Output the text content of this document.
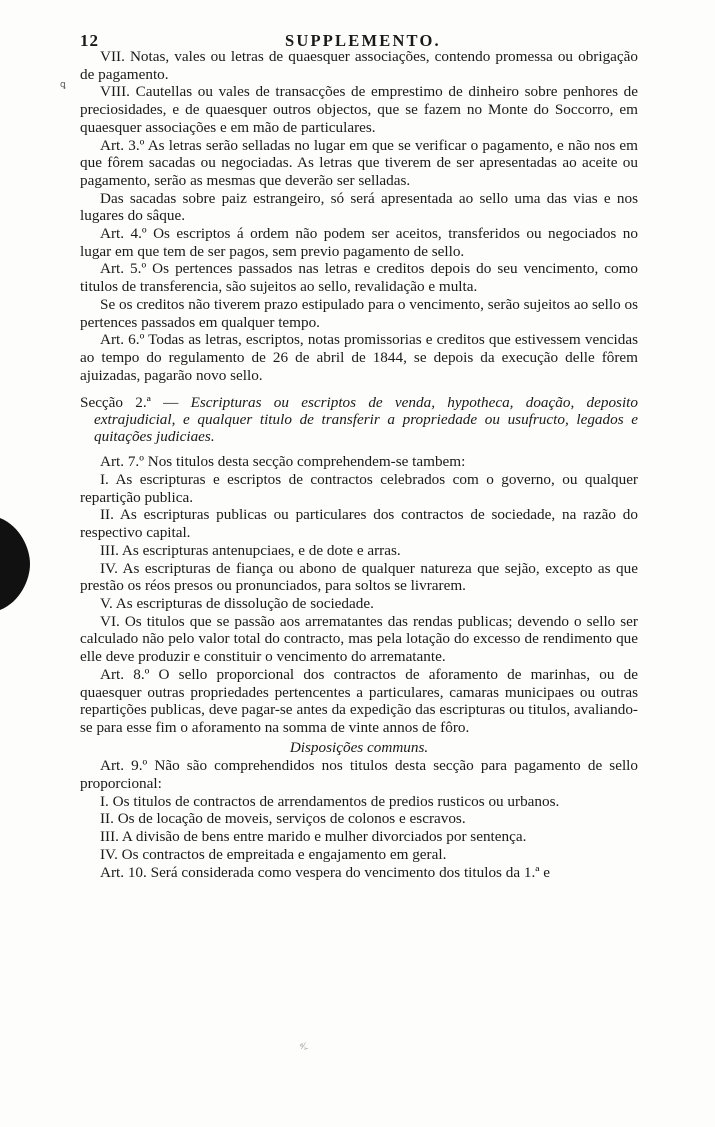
12	SUPPLEMENTO.
ꝗ

VII. Notas, vales ou letras de quaesquer associações, contendo promessa ou obrigação de pagamento.

VIII. Cautellas ou vales de transacções de emprestimo de dinheiro sobre penhores de preciosidades, e de quaesquer outros objectos, que se fazem no Monte do Soccorro, em quaesquer associações e em mão de particulares.

Art. 3.º As letras serão selladas no lugar em que se verificar o pagamento, e não nos em que fôrem sacadas ou negociadas. As letras que tiverem de ser apresentadas ao aceite ou pagamento, serão as mesmas que deverão ser selladas.

Das sacadas sobre paiz estrangeiro, só será apresentada ao sello uma das vias e nos lugares do sâque.

Art. 4.º Os escriptos á ordem não podem ser aceitos, transferidos ou negociados no lugar em que tem de ser pagos, sem previo pagamento de sello.

Art. 5.º Os pertences passados nas letras e creditos depois do seu vencimento, como titulos de transferencia, são sujeitos ao sello, revalidação e multa.

Se os creditos não tiverem prazo estipulado para o vencimento, serão sujeitos ao sello os pertences passados em qualquer tempo.

Art. 6.º Todas as letras, escriptos, notas promissorias e creditos que estivessem vencidas ao tempo do regulamento de 26 de abril de 1844, se depois da execução delle fôrem ajuizadas, pagarão novo sello.

Secção 2.ª — Escripturas ou escriptos de venda, hypotheca, doação, deposito extrajudicial, e qualquer titulo de transferir a propriedade ou usufructo, legados e quitações judiciaes.

Art. 7.º Nos titulos desta secção comprehendem-se tambem:

I. As escripturas e escriptos de contractos celebrados com o governo, ou qualquer repartição publica.

II. As escripturas publicas ou particulares dos contractos de sociedade, na razão do respectivo capital.

III. As escripturas antenupciaes, e de dote e arras.

IV. As escripturas de fiança ou abono de qualquer natureza que sejão, excepto as que prestão os réos presos ou pronunciados, para soltos se livrarem.

V. As escripturas de dissolução de sociedade.

VI. Os titulos que se passão aos arrematantes das rendas publicas; devendo o sello ser calculado não pelo valor total do contracto, mas pela lotação do excesso de rendimento que elle deve produzir e constituir o vencimento do arrematante.

Art. 8.º O sello proporcional dos contractos de aforamento de marinhas, ou de quaesquer outras propriedades pertencentes a particulares, camaras municipaes ou outras repartições publicas, deve pagar-se antes da expedição das escripturas ou titulos, avaliando-se para esse fim o aforamento na somma de vinte annos de fôro.

Disposições communs.

Art. 9.º Não são comprehendidos nos titulos desta secção para pagamento de sello proporcional:

I. Os titulos de contractos de arrendamentos de predios rusticos ou urbanos.

II. Os de locação de moveis, serviços de colonos e escravos.

III. A divisão de bens entre marido e mulher divorciados por sentença.

IV. Os contractos de empreitada e engajamento em geral.

Art. 10. Será considerada como vespera do vencimento dos titulos da 1.ª e

ᵈ⁄ᵢ.
